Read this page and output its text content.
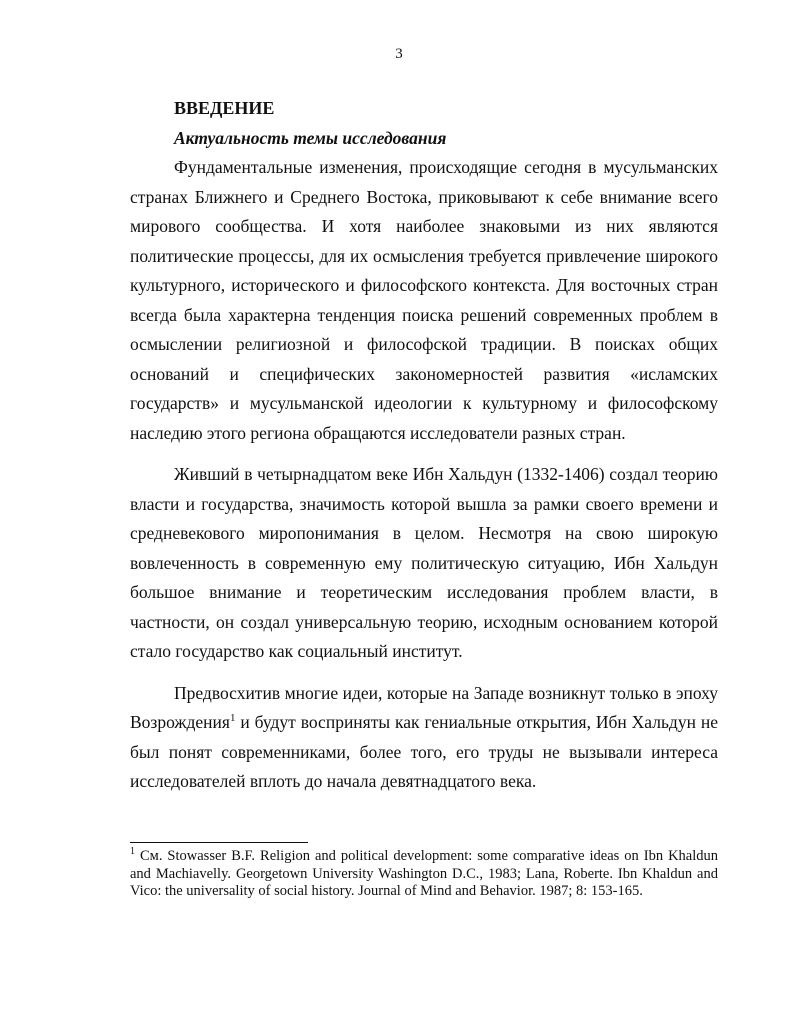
3
ВВЕДЕНИЕ
Актуальность темы исследования

Фундаментальные изменения, происходящие сегодня в мусульманских странах Ближнего и Среднего Востока, приковывают к себе внимание всего мирового сообщества. И хотя наиболее знаковыми из них являются политические процессы, для их осмысления требуется привлечение широкого культурного, исторического и философского контекста. Для восточных стран всегда была характерна тенденция поиска решений современных проблем в осмыслении религиозной и философской традиции. В поисках общих оснований и специфических закономерностей развития «исламских государств» и мусульманской идеологии к культурному и философскому наследию этого региона обращаются исследователи разных стран.

Живший в четырнадцатом веке Ибн Хальдун (1332-1406) создал теорию власти и государства, значимость которой вышла за рамки своего времени и средневекового миропонимания в целом. Несмотря на свою широкую вовлеченность в современную ему политическую ситуацию, Ибн Хальдун большое внимание и теоретическим исследования проблем власти, в частности, он создал универсальную теорию, исходным основанием которой стало государство как социальный институт.

Предвосхитив многие идеи, которые на Западе возникнут только в эпоху Возрождения$^1$ и будут восприняты как гениальные открытия, Ибн Хальдун не был понят современниками, более того, его труды не вызывали интереса исследователей вплоть до начала девятнадцатого века.

$^1$ См. Stowasser B.F. Religion and political development: some comparative ideas on Ibn Khaldun and Machiavelly. Georgetown University Washington D.C., 1983; Lana, Roberte. Ibn Khaldun and Vico: the universality of social history. Journal of Mind and Behavior. 1987; 8: 153-165.
